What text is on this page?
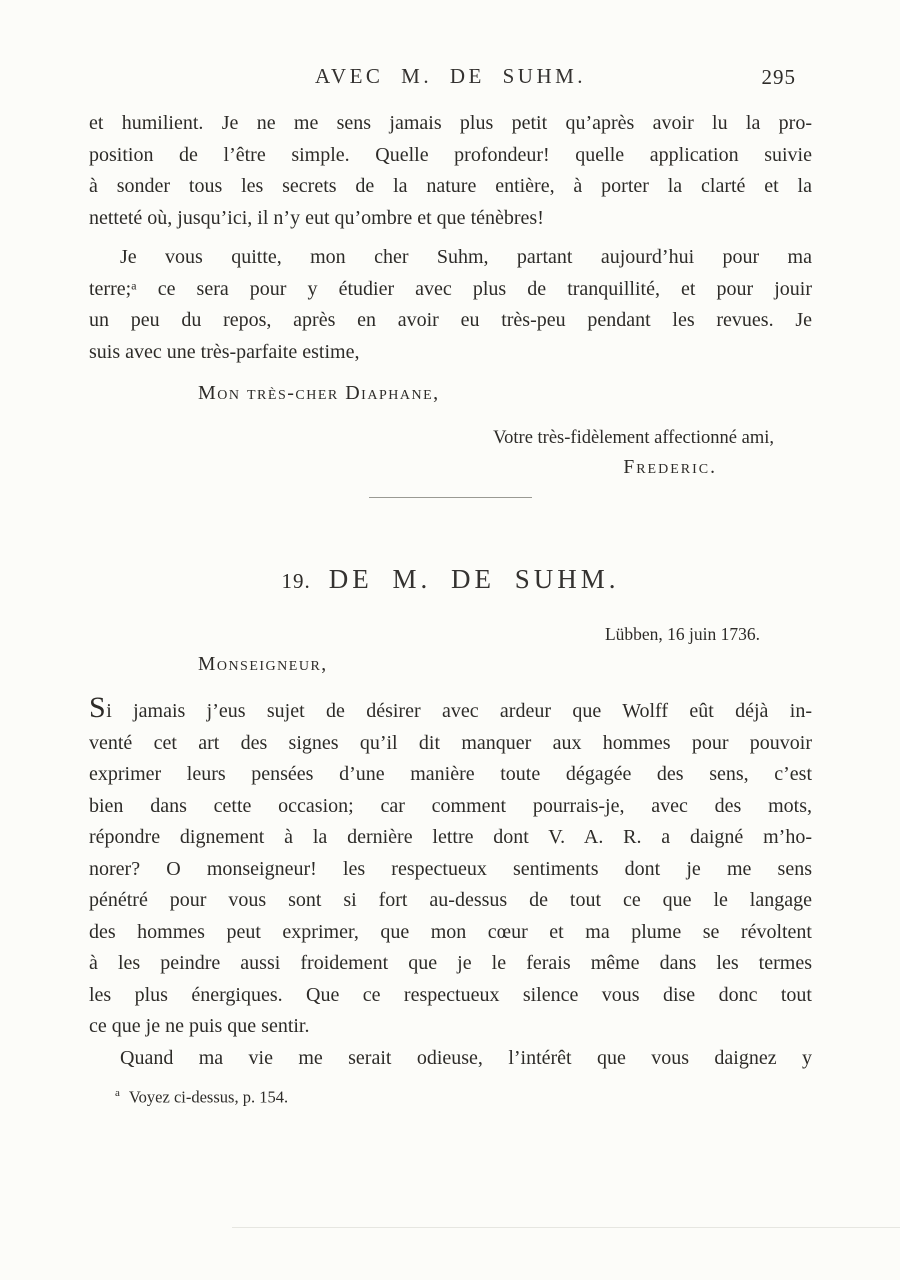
AVEC M. DE SUHM.	295
et humilient. Je ne me sens jamais plus petit qu’après avoir lu la pro-
position de l’être simple. Quelle profondeur! quelle application suivie
à sonder tous les secrets de la nature entière, à porter la clarté et la
netteté où, jusqu’ici, il n’y eut qu’ombre et que ténèbres!
Je vous quitte, mon cher Suhm, partant aujourd’hui pour ma
terre;ᵃ ce sera pour y étudier avec plus de tranquillité, et pour jouir
un peu du repos, après en avoir eu très-peu pendant les revues. Je
suis avec une très-parfaite estime,
Mon très-cher Diaphane,
Votre très-fidèlement affectionné ami,
Frederic.
19. DE M. DE SUHM.
Lübben, 16 juin 1736.
Monseigneur,
Si jamais j’eus sujet de désirer avec ardeur que Wolff eût déjà in-
venté cet art des signes qu’il dit manquer aux hommes pour pouvoir
exprimer leurs pensées d’une manière toute dégagée des sens, c’est
bien dans cette occasion; car comment pourrais-je, avec des mots,
répondre dignement à la dernière lettre dont V. A. R. a daigné m’ho-
norer? O monseigneur! les respectueux sentiments dont je me sens
pénétré pour vous sont si fort au-dessus de tout ce que le langage
des hommes peut exprimer, que mon cœur et ma plume se révoltent
à les peindre aussi froidement que je le ferais même dans les termes
les plus énergiques. Que ce respectueux silence vous dise donc tout
ce que je ne puis que sentir.
Quand ma vie me serait odieuse, l’intérêt que vous daignez y
$^a$ Voyez ci-dessus, p. 154.
